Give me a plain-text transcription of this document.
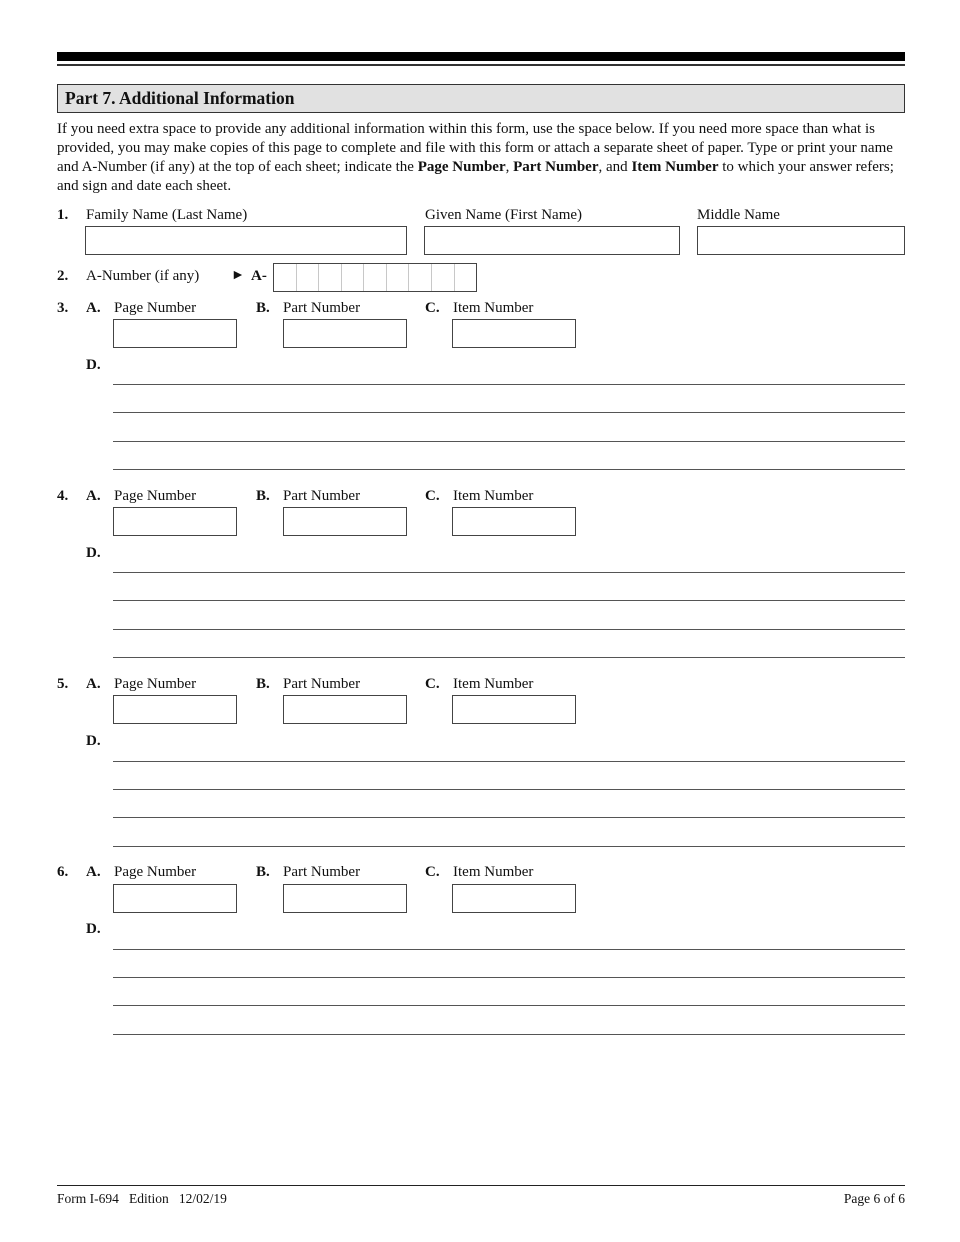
Part 7. Additional Information
If you need extra space to provide any additional information within this form, use the space below. If you need more space than what is provided, you may make copies of this page to complete and file with this form or attach a separate sheet of paper. Type or print your name and A-Number (if any) at the top of each sheet; indicate the Page Number, Part Number, and Item Number to which your answer refers; and sign and date each sheet.
1. Family Name (Last Name)	Given Name (First Name)	Middle Name
2. A-Number (if any) ► A-
3. A. Page Number	B. Part Number	C. Item Number
D.
4. A. Page Number	B. Part Number	C. Item Number
D.
5. A. Page Number	B. Part Number	C. Item Number
D.
6. A. Page Number	B. Part Number	C. Item Number
D.
Form I-694   Edition   12/02/19	Page 6 of 6
